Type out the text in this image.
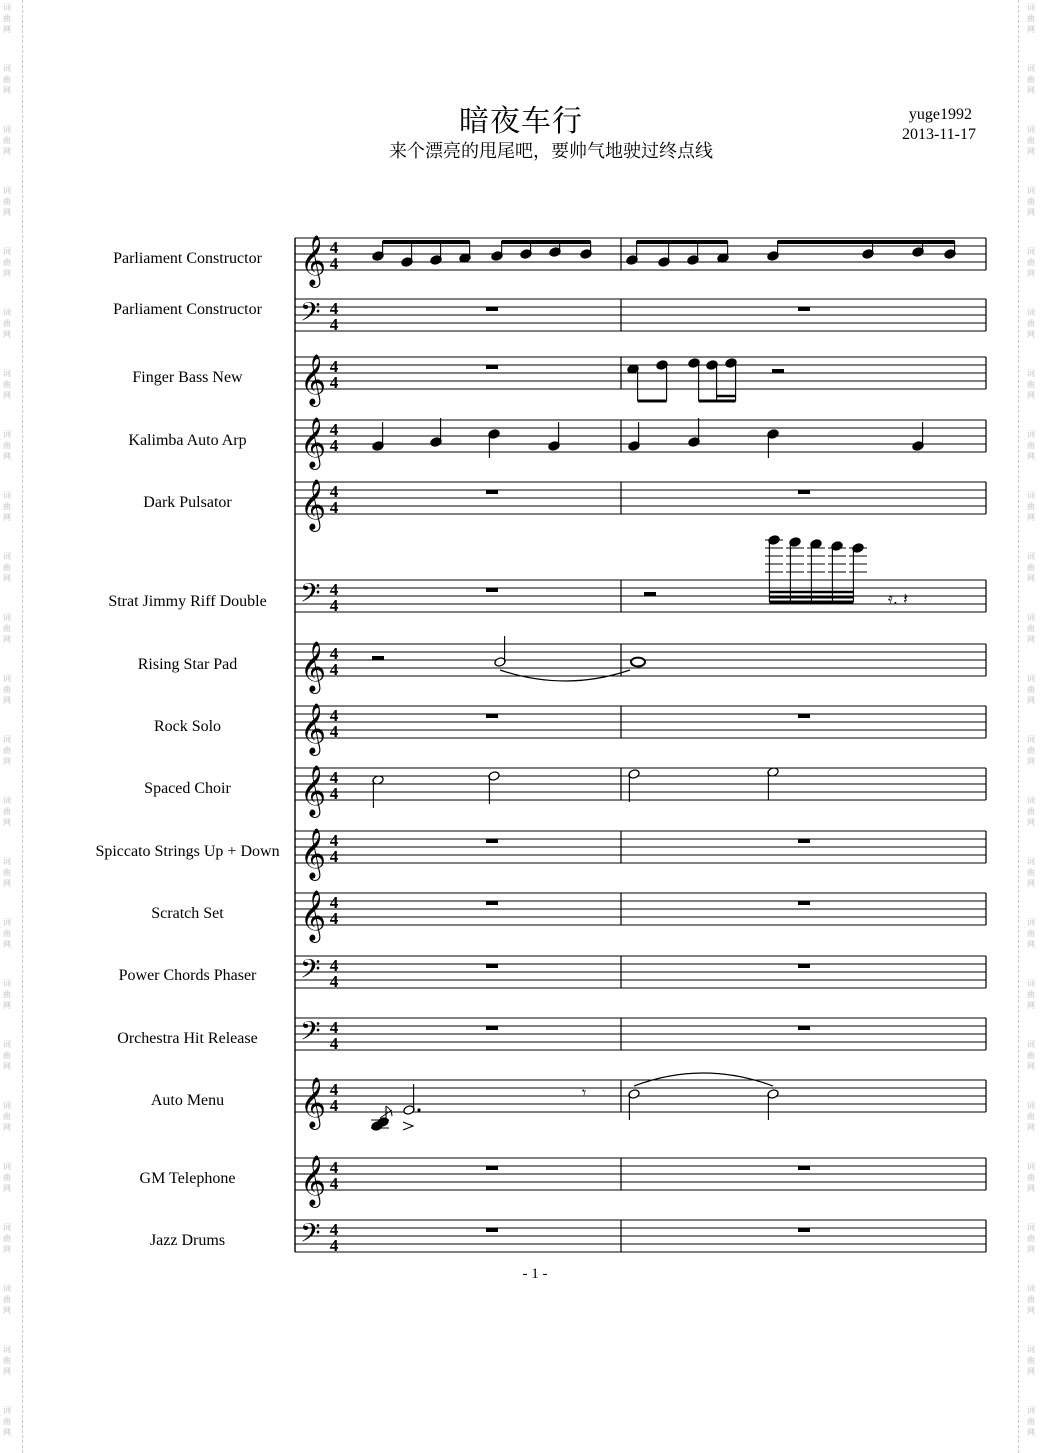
词
曲
网
词
曲
网
词
曲
网
词
曲
网
词
曲
网
词
曲
网
词
曲
网
词
曲
网
词
曲
网
词
曲
网
词
曲
网
词
曲
网
词
曲
网
词
曲
网
词
曲
网
词
曲
网
词
曲
网
词
曲
网
词
曲
网
词
曲
网
词
曲
网
词
曲
网
词
曲
网
词
曲
网
词
曲
网
词
曲
网
词
曲
网
词
曲
网
词
曲
网
词
曲
网
词
曲
网
词
曲
网
词
曲
网
词
曲
网
词
曲
网
词
曲
网
词
曲
网
词
曲
网
词
曲
网
词
曲
网
词
曲
网
词
曲
网
词
曲
网
词
曲
网
词
曲
网
词
曲
网
词
曲
网
词
曲
网
暗夜车行
来个漂亮的甩尾吧，要帅气地驶过终点线
yuge1992
2013-11-17
Parliament Constructor
Parliament Constructor
Finger Bass New
Kalimba Auto Arp
Dark Pulsator
Strat Jimmy Riff Double
Rising Star Pad
Rock Solo
Spaced Choir
Spiccato Strings Up + Down
Scratch Set
Power Chords Phaser
Orchestra Hit Release
Auto Menu
GM Telephone
Jazz Drums
𝄞 4
4
𝄢 4
4
𝄞 4
4
𝄞 4
4
𝄞 4
4
𝄢 4
4
𝄞 4
4
𝄞 4
4
𝄞 4
4
𝄞 4
4
𝄞 4
4
𝄢 4
4
𝄢 4
4
𝄞 4
4
𝄞 4
4
𝄢 4
4
𝄿. 𝄽
𝄾
- 1 -
